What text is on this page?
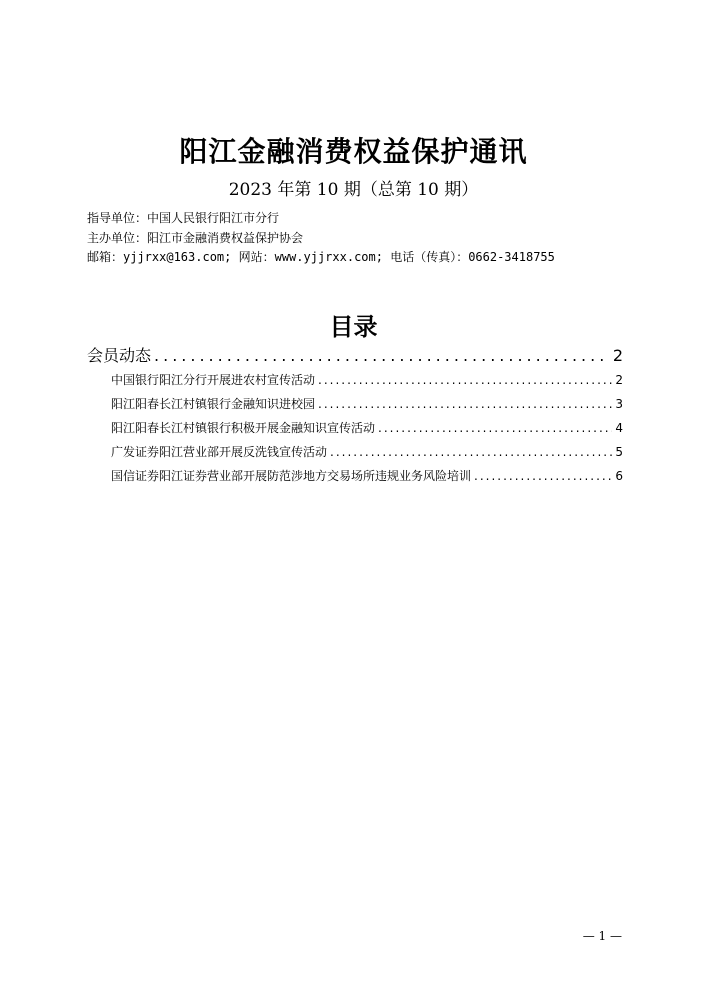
阳江金融消费权益保护通讯
2023 年第 10 期（总第 10 期）
指导单位：中国人民银行阳江市分行
主办单位：阳江市金融消费权益保护协会
邮箱：yjjrxx@163.com; 网站：www.yjjrxx.com; 电话（传真）：0662-3418755
目录
会员动态 .....	2
中国银行阳江分行开展进农村宣传活动 .....	2
阳江阳春长江村镇银行金融知识进校园 .....	3
阳江阳春长江村镇银行积极开展金融知识宣传活动 .....	4
广发证券阳江营业部开展反洗钱宣传活动 .....	5
国信证券阳江证券营业部开展防范涉地方交易场所违规业务风险培训 .....	6
— 1 —
